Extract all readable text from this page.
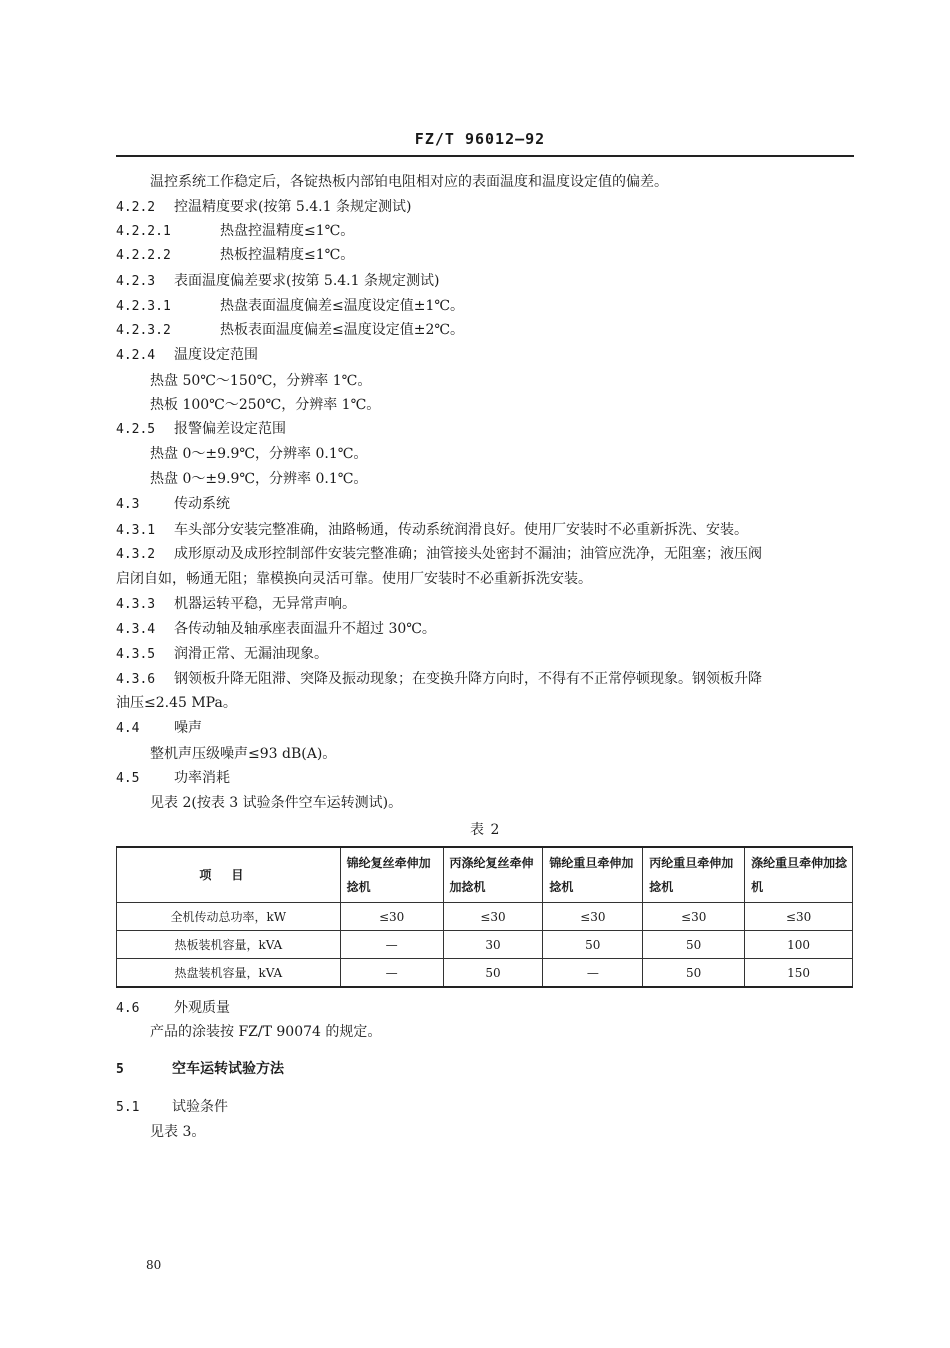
FZ/T 96012—92
温控系统工作稳定后，各锭热板内部铂电阻相对应的表面温度和温度设定值的偏差。
4.2.2 控温精度要求(按第 5.4.1 条规定测试)
4.2.2.1	热盘控温精度≤1℃。
4.2.2.2	热板控温精度≤1℃。
4.2.3 表面温度偏差要求(按第 5.4.1 条规定测试)
4.2.3.1	热盘表面温度偏差≤温度设定值±1℃。
4.2.3.2	热板表面温度偏差≤温度设定值±2℃。
4.2.4 温度设定范围
热盘 50℃～150℃，分辨率 1℃。
热板 100℃～250℃，分辨率 1℃。
4.2.5 报警偏差设定范围
热盘 0～±9.9℃，分辨率 0.1℃。
热盘 0～±9.9℃，分辨率 0.1℃。
4.3 传动系统
4.3.1 车头部分安装完整准确，油路畅通，传动系统润滑良好。使用厂安装时不必重新拆洗、安装。
4.3.2 成形原动及成形控制部件安装完整准确；油管接头处密封不漏油；油管应洗净，无阻塞；液压阀
启闭自如，畅通无阻；靠模换向灵活可靠。使用厂安装时不必重新拆洗安装。
4.3.3 机器运转平稳，无异常声响。
4.3.4 各传动轴及轴承座表面温升不超过 30℃。
4.3.5 润滑正常、无漏油现象。
4.3.6 钢领板升降无阻滞、突降及振动现象；在变换升降方向时，不得有不正常停顿现象。钢领板升降
油压≤2.45 MPa。
4.4 噪声
整机声压级噪声≤93 dB(A)。
4.5 功率消耗
见表 2(按表 3 试验条件空车运转测试)。
表 2
项目	锦纶复丝牵伸加捻机	丙涤纶复丝牵伸加捻机	锦纶重旦牵伸加捻机	丙纶重旦牵伸加捻机	涤纶重旦牵伸加捻机
全机传动总功率，kW	≤30	≤30	≤30	≤30	≤30
热板装机容量，kVA	—	30	50	50	100
热盘装机容量，kVA	—	50	—	50	150
4.6 外观质量
产品的涂装按 FZ/T 90074 的规定。
5	空车运转试验方法
5.1 试验条件
见表 3。
80
